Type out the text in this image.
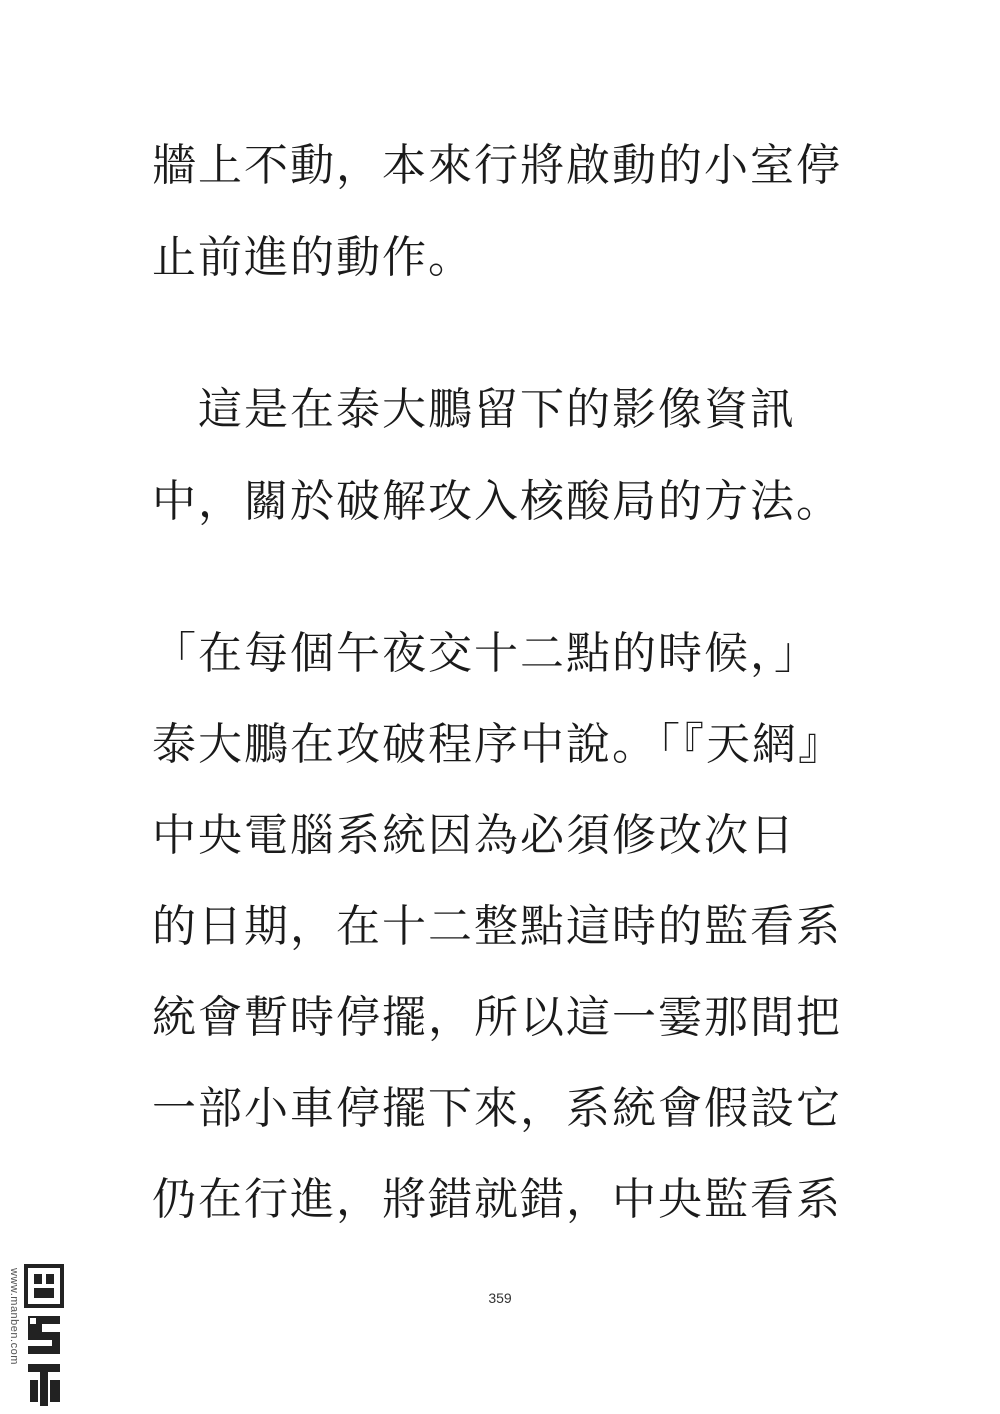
牆上不動，本來行將啟動的小室停
止前進的動作。
　這是在泰大鵬留下的影像資訊
中，關於破解攻入核酸局的方法。
「在每個午夜交十二點的時候，」
泰大鵬在攻破程序中說。「『天網』
中央電腦系統因為必須修改次日
的日期，在十二整點這時的監看系
統會暫時停擺，所以這一霎那間把
一部小車停擺下來，系統會假設它
仍在行進，將錯就錯，中央監看系
359
www.manben.com
